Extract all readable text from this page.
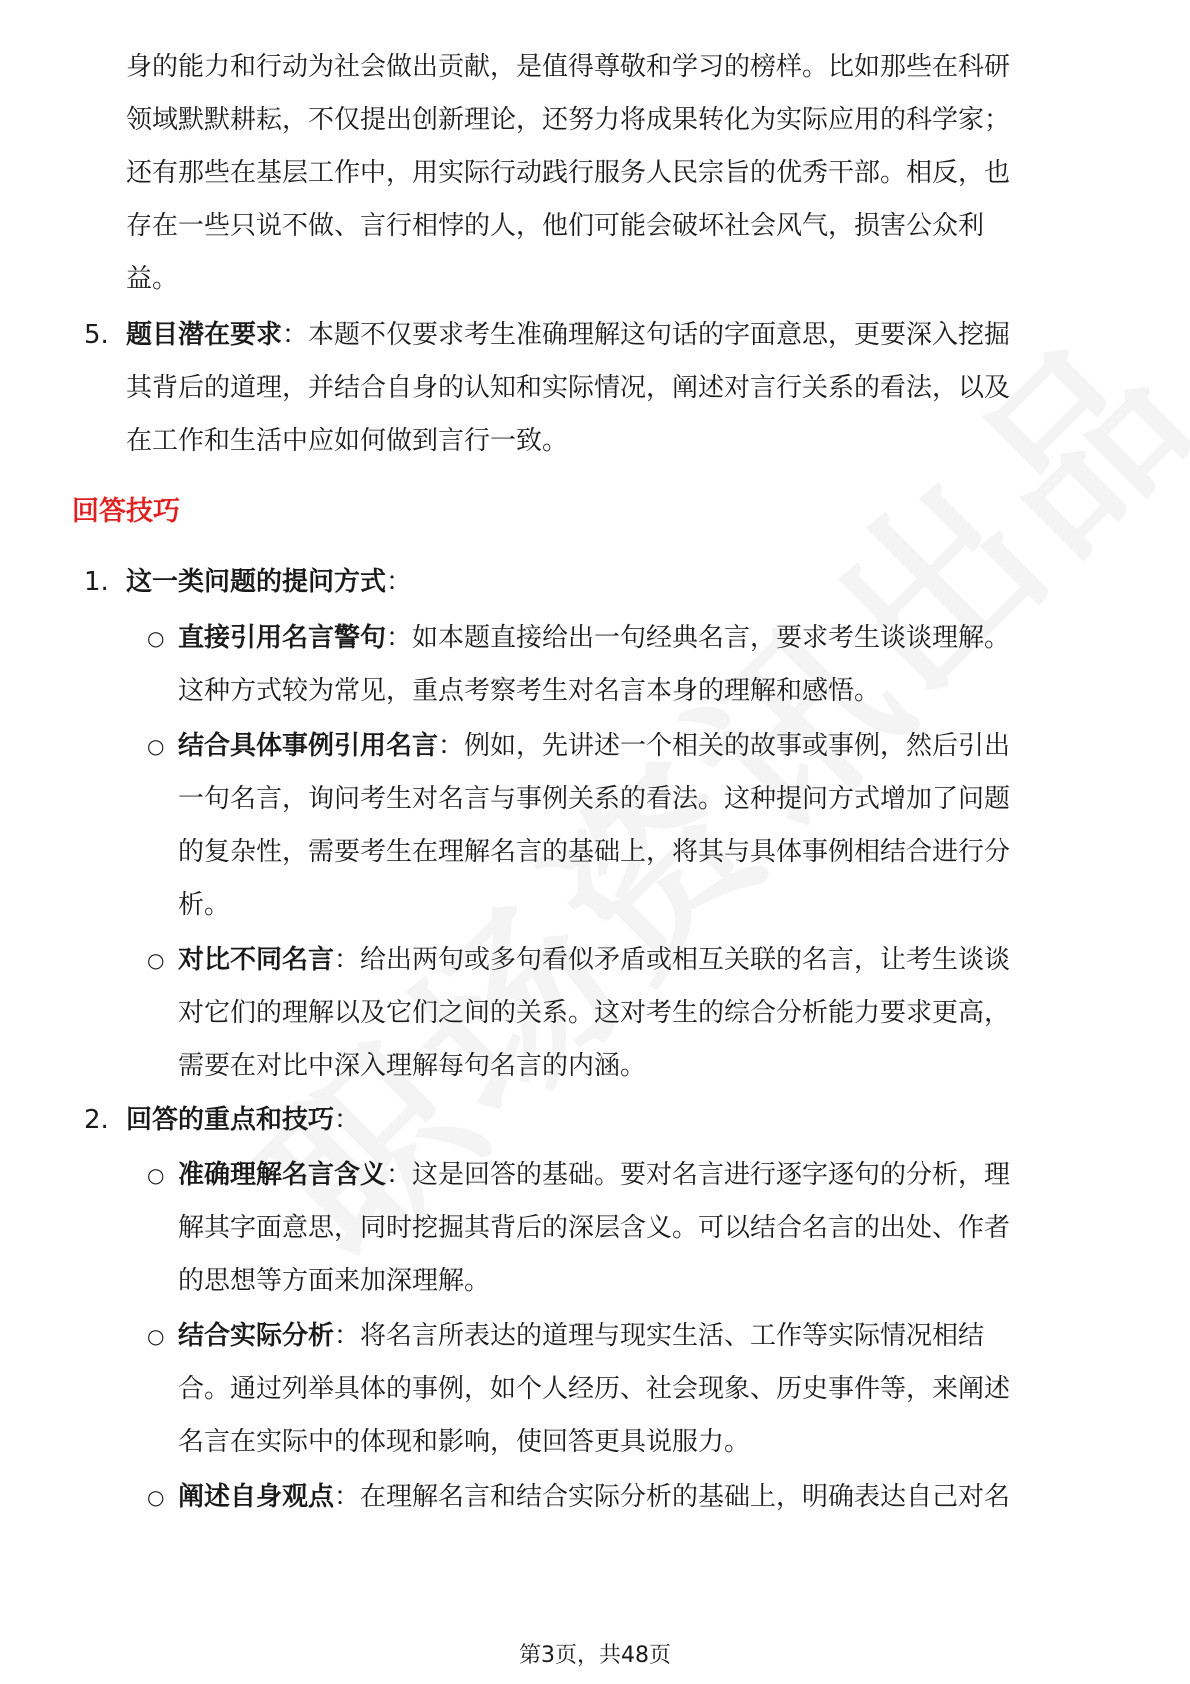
身的能力和行动为社会做出贡献，是值得尊敬和学习的榜样。比如那些在科研
领域默默耕耘，不仅提出创新理论，还努力将成果转化为实际应用的科学家；
还有那些在基层工作中，用实际行动践行服务人民宗旨的优秀干部。相反，也
存在一些只说不做、言行相悖的人，他们可能会破坏社会风气，损害公众利
益。
5. 题目潜在要求：本题不仅要求考生准确理解这句话的字面意思，更要深入挖掘
其背后的道理，并结合自身的认知和实际情况，阐述对言行关系的看法，以及
在工作和生活中应如何做到言行一致。
回答技巧
1. 这一类问题的提问方式：
○ 直接引用名言警句：如本题直接给出一句经典名言，要求考生谈谈理解。
这种方式较为常见，重点考察考生对名言本身的理解和感悟。
○ 结合具体事例引用名言：例如，先讲述一个相关的故事或事例，然后引出
一句名言，询问考生对名言与事例关系的看法。这种提问方式增加了问题
的复杂性，需要考生在理解名言的基础上，将其与具体事例相结合进行分
析。
○ 对比不同名言：给出两句或多句看似矛盾或相互关联的名言，让考生谈谈
对它们的理解以及它们之间的关系。这对考生的综合分析能力要求更高，
需要在对比中深入理解每句名言的内涵。
2. 回答的重点和技巧：
○ 准确理解名言含义：这是回答的基础。要对名言进行逐字逐句的分析，理
解其字面意思，同时挖掘其背后的深层含义。可以结合名言的出处、作者
的思想等方面来加深理解。
○ 结合实际分析：将名言所表达的道理与现实生活、工作等实际情况相结
合。通过列举具体的事例，如个人经历、社会现象、历史事件等，来阐述
名言在实际中的体现和影响，使回答更具说服力。
○ 阐述自身观点：在理解名言和结合实际分析的基础上，明确表达自己对名
第3页，共48页
